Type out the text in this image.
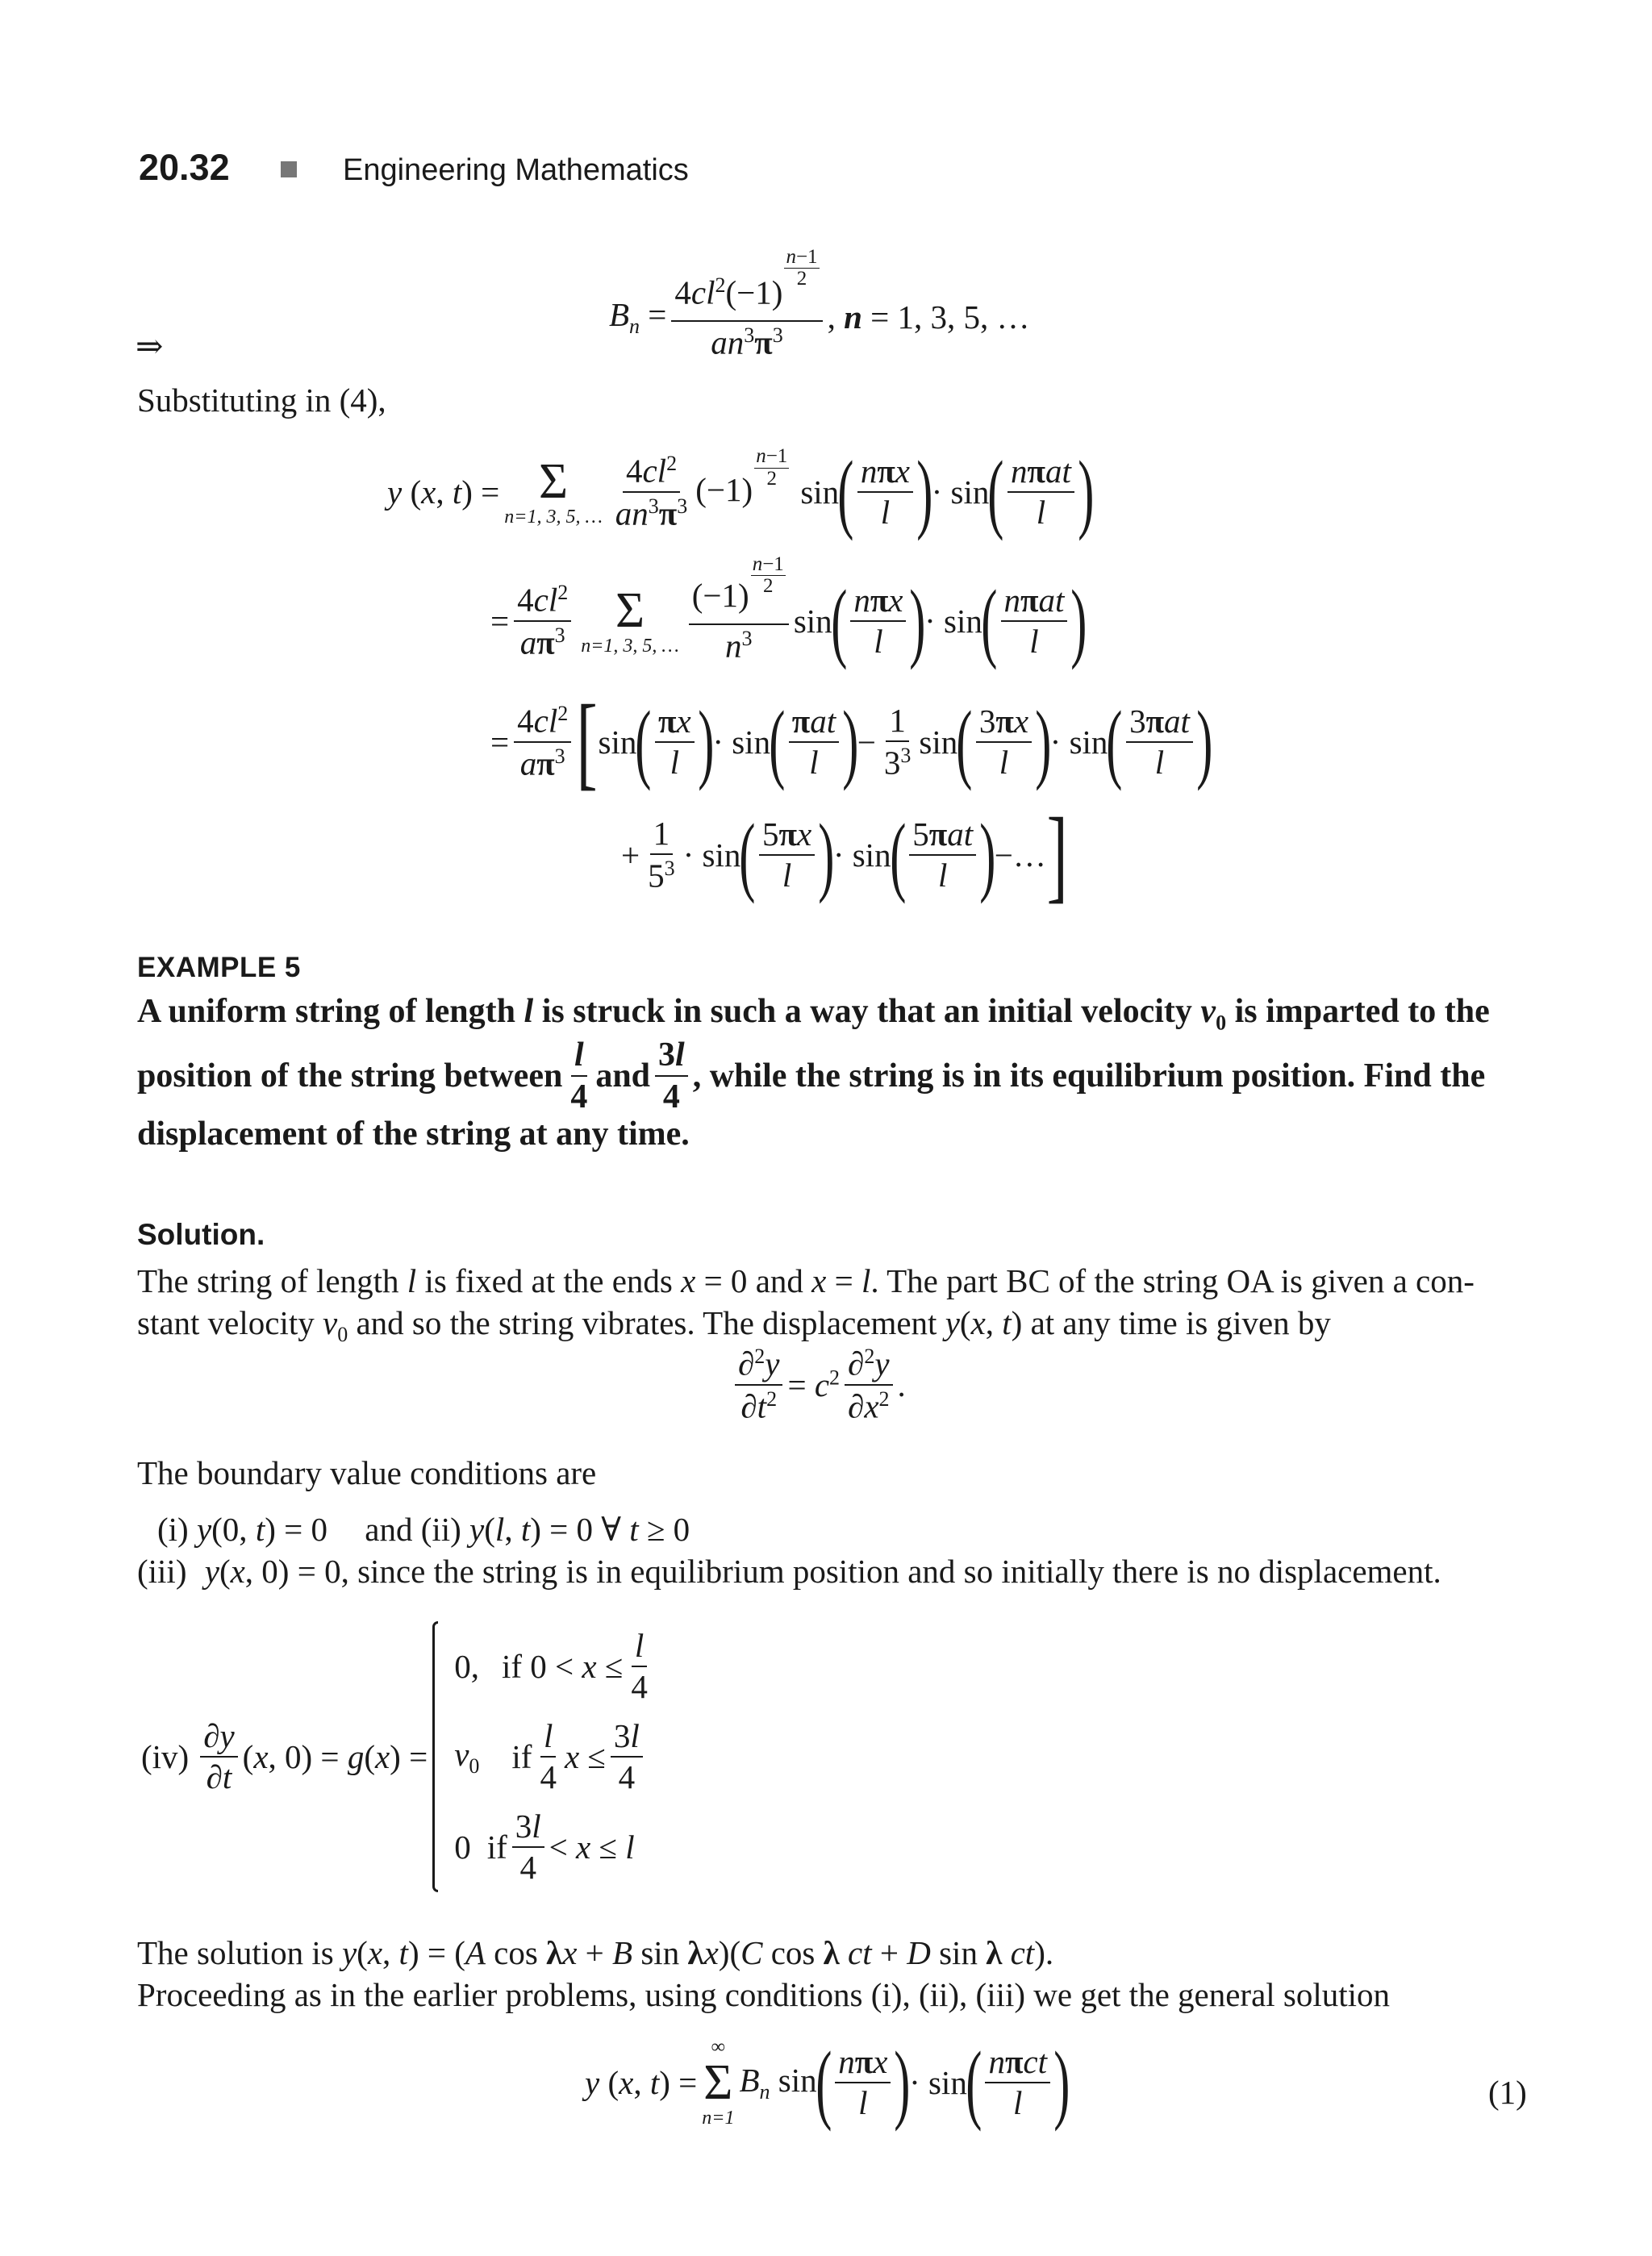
20.32	Engineering Mathematics
⇒
$B_n = 4cl^2(-1)$
$\frac{n-1}{2}$
$an^3\pi^3$ , n = 1, 3, 5, …
Substituting in (4),
y (x, t) = Σ
n=1, 3, 5, … $\frac{4cl^2}{an^3\pi^3} (-1)$
$\frac{n-1}{2}$
sin
( $\frac{\text{nπx}}{l}$ )
· sin
( $\frac{\text{nπat}}{l}$ )
= $\frac{4cl^2}{a\pi^3}$ Σ
n=1, 3, 5, … $\frac{(-1) \frac{n-1}{2}}{n^3}$ sin
( $\frac{\text{nπx}}{l}$ )
· sin
( $\frac{\text{nπat}}{l}$ )
= $\frac{4cl^2}{a\pi^3}$ [ sin
( $\frac{\pi x}{l}$ )
· sin
( $\frac{\text{πat}}{l}$ )
− $\frac{1}{3^3}$ sin
( $\frac{3\pi x}{l}$ )
· sin
( $\frac{\text{3πat}}{l}$ )
+ $\frac{1}{5^3} \cdot \sin$
( $\frac{5\pi x}{l}$ )
· sin
( $\frac{\text{5πat}}{l}$ )
−… ]
EXAMPLE 5
A uniform string of length l is struck in such a way that an initial velocity $v_0$ is imparted to the
position of the string between $\frac{l}{4}$ and $\frac{3l}{4}$ , while the string is in its equilibrium position. Find the
displacement of the string at any time.
Solution.
The string of length l is fixed at the ends x = 0 and x = l. The part BC of the string OA is given a con-
stant velocity $v_0$ and so the string vibrates. The displacement y(x, t) at any time is given by
$\frac{\partial^2y}{\partial t^2} = c^2 \frac{\partial^2y}{\partial x^2}$ .
The boundary value conditions are
(i) y(0, t) = 0 and (ii) y(l, t) = 0 ∀ t ≥ 0
(iii) y(x, 0) = 0, since the string is in equilibrium position and so initially there is no displacement.
$(iv) \frac{\partial y}{\partial t} (x$, 0) = g(x) =
0, if $0 < x \le \frac{l}{4}$
$v_0$ if $\frac{l}{4}$ $x \le \frac{3l}{4}$
0 if $\frac{3l}{4} < x \le l$
The solution is y(x, t) = (A cos λx + B sin λx)(C cos λ ct + D sin λ ct).
Proceeding as in the earlier problems, using conditions (i), (ii), (iii) we get the general solution
y (x, t) =
∞
Σ
n=1
$B_n$ sin
( $\frac{\text{nπx}}{l}$ )
· sin
( $\frac{\text{nπct}}{l}$ )	(1)
